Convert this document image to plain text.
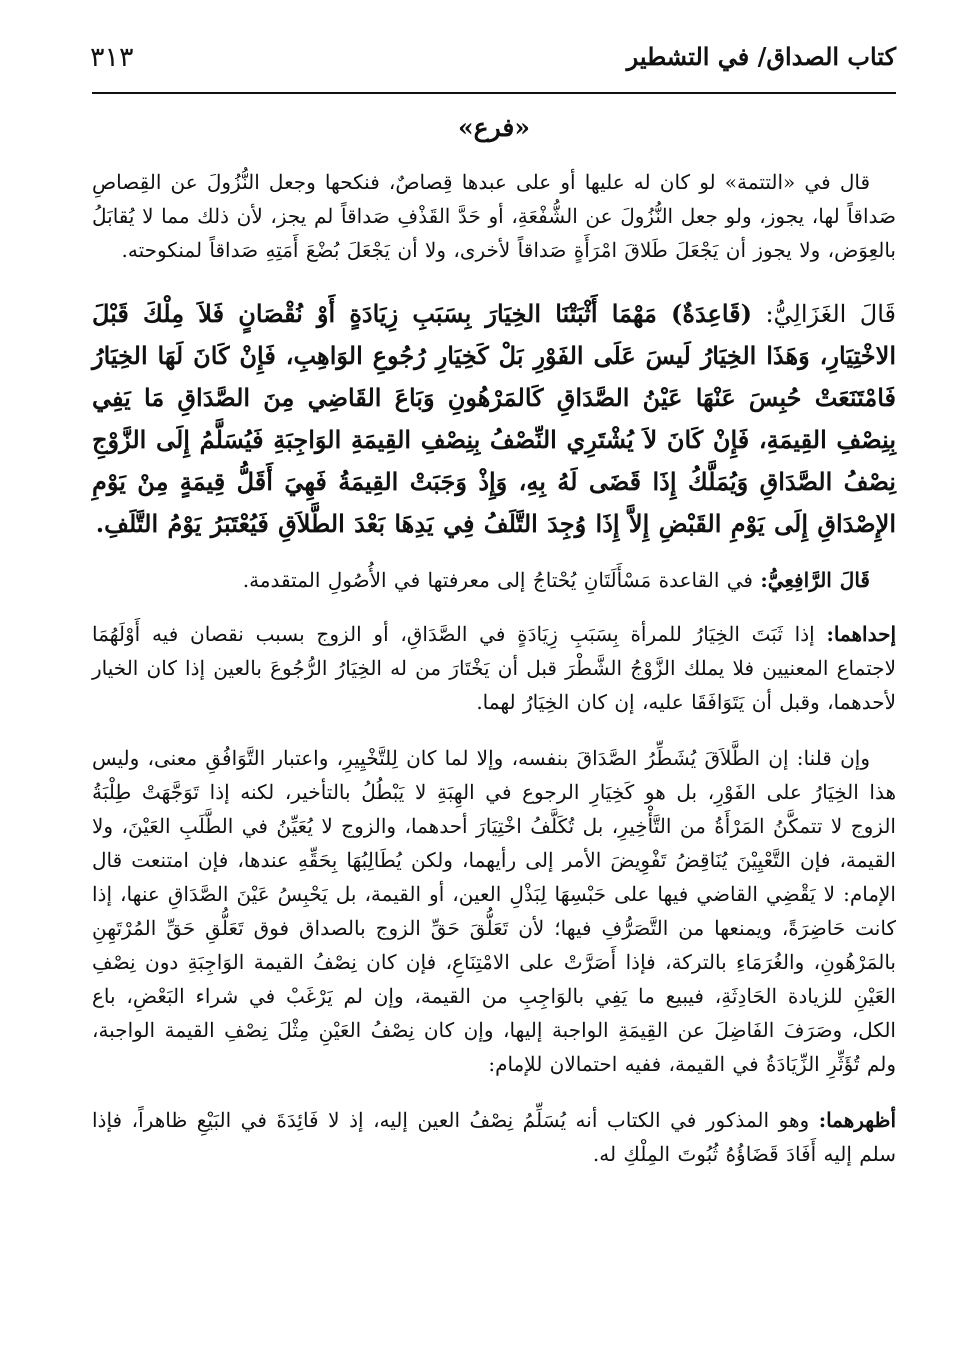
كتاب الصداق/ في التشطير
٣١٣
«فرع»

قال في «التتمة» لو كان له عليها أو على عبدها قِصاصٌ، فنكحها وجعل النُّزُولَ عن القِصاصِ صَداقاً لها، يجوز، ولو جعل النُّزُولَ عن الشُّفْعَةِ، أو حَدَّ القَذْفِ صَداقاً لم يجز، لأن ذلك مما لا يُقابَلُ بالعِوَض، ولا يجوز أن يَجْعَلَ طَلاقَ امْرَأَةٍ صَداقاً لأخرى، ولا أن يَجْعَلَ بُضْعَ أَمَتِهِ صَداقاً لمنكوحته.

قَالَ الغَزَالِيُّ: (قَاعِدَةٌ) مَهْمَا أَثْبَتْنَا الخِيَارَ بِسَبَبِ زِيَادَةٍ أَوْ نُقْصَانٍ فَلاَ مِلْكَ قَبْلَ الاخْتِيَارِ، وَهَذَا الخِيَارُ لَيسَ عَلَى الفَوْرِ بَلْ كَخِيَارِ رُجُوعِ الوَاهِبِ، فَإِنْ كَانَ لَهَا الخِيَارُ فَامْتَنَعَتْ حُبِسَ عَنْهَا عَيْنُ الصَّدَاقِ كَالمَرْهُونِ وَبَاعَ القَاضِي مِنَ الصَّدَاقِ مَا يَفِي بِنِصْفِ القِيمَةِ، فَإِنْ كَانَ لاَ يُشْتَرِي النِّصْفُ بِنِصْفِ القِيمَةِ الوَاجِبَةِ فَيُسَلَّمُ إِلَى الزَّوْجِ نِصْفُ الصَّدَاقِ وَيُمَلَّكُ إِذَا قَضَى لَهُ بِهِ، وَإِذْ وَجَبَتْ القِيمَةُ فَهِيَ أَقَلُّ قِيمَةٍ مِنْ يَوْمِ الإِصْدَاقِ إِلَى يَوْمِ القَبْضِ إِلاَّ إِذَا وُجِدَ التَّلَفُ فِي يَدِهَا بَعْدَ الطَّلاَقِ فَيُعْتَبَرُ يَوْمُ التَّلَفِ.

قَالَ الرَّافِعِيُّ: في القاعدة مَسْأَلَتَانِ يُحْتاجُ إلى معرفتها في الأُصُولِ المتقدمة.

إحداهما: إذا ثَبَتَ الخِيَارُ للمرأة بِسَبَبِ زِيَادَةٍ في الصَّدَاقِ، أو الزوج بسبب نقصان فيه أَوْلَهُمَا لاجتماع المعنيين فلا يملك الزَّوْجُ الشَّطْرَ قبل أن يَخْتَارَ من له الخِيَارُ الرُّجُوعَ بالعين إذا كان الخيار لأحدهما، وقبل أن يَتَوَافَقَا عليه، إن كان الخِيَارُ لهما.

وإن قلنا: إن الطَّلاَقَ يُشَطِّرُ الصَّدَاقَ بنفسه، وإلا لما كان لِلتَّخْيِيرِ، واعتبار التَّوَافُقِ معنى، وليس هذا الخِيَارُ على الفَوْرِ، بل هو كَخِيَارِ الرجوع في الهِبَةِ لا يَبْطُلُ بالتأخير، لكنه إذا تَوَجَّهَتْ طِلْبَةُ الزوج لا تتمكَّنُ المَرْأَةُ من التَّأْخِيرِ، بل تُكَلَّفُ اخْتِيَارَ أحدهما، والزوج لا يُعَيِّنُ في الطَّلَبِ العَيْنَ، ولا القيمة، فإن التَّعْيِيْنَ يُنَاقِضُ تَفْوِيضَ الأمر إلى رأيهما، ولكن يُطَالِبُهَا بِحَقِّهِ عندها، فإن امتنعت قال الإمام: لا يَقْضِي القاضي فيها على حَبْسِهَا لِبَذْلِ العين، أو القيمة، بل يَحْبِسُ عَيْنَ الصَّدَاقِ عنها، إذا كانت حَاضِرَةً، ويمنعها من التَّصَرُّفِ فيها؛ لأن تَعَلُّقَ حَقِّ الزوج بالصداق فوق تَعَلُّقِ حَقِّ المُرْتَهِنِ بالمَرْهُونِ، والغُرَمَاءِ بالتركة، فإذا أَصَرَّتْ على الامْتِنَاعِ، فإن كان نِصْفُ القيمة الوَاجِبَةِ دون نِصْفِ العَيْنِ للزيادة الحَادِثَةِ، فيبيع ما يَفِي بالوَاجِبِ من القيمة، وإن لم يَرْغَبْ في شراء البَعْضِ، باع الكل، وصَرَفَ الفَاضِلَ عن القِيمَةِ الواجبة إليها، وإن كان نِصْفُ العَيْنِ مِثْلَ نِصْفِ القيمة الواجبة، ولم تُؤَثِّرِ الزِّيَادَةُ في القيمة، ففيه احتمالان للإمام:

أظهرهما: وهو المذكور في الكتاب أنه يُسَلِّمُ نِصْفُ العين إليه، إذ لا فَائِدَةَ في البَيْعِ ظاهراً، فإذا سلم إليه أَفَادَ قَضَاؤُهُ ثُبُوتَ المِلْكِ له.
